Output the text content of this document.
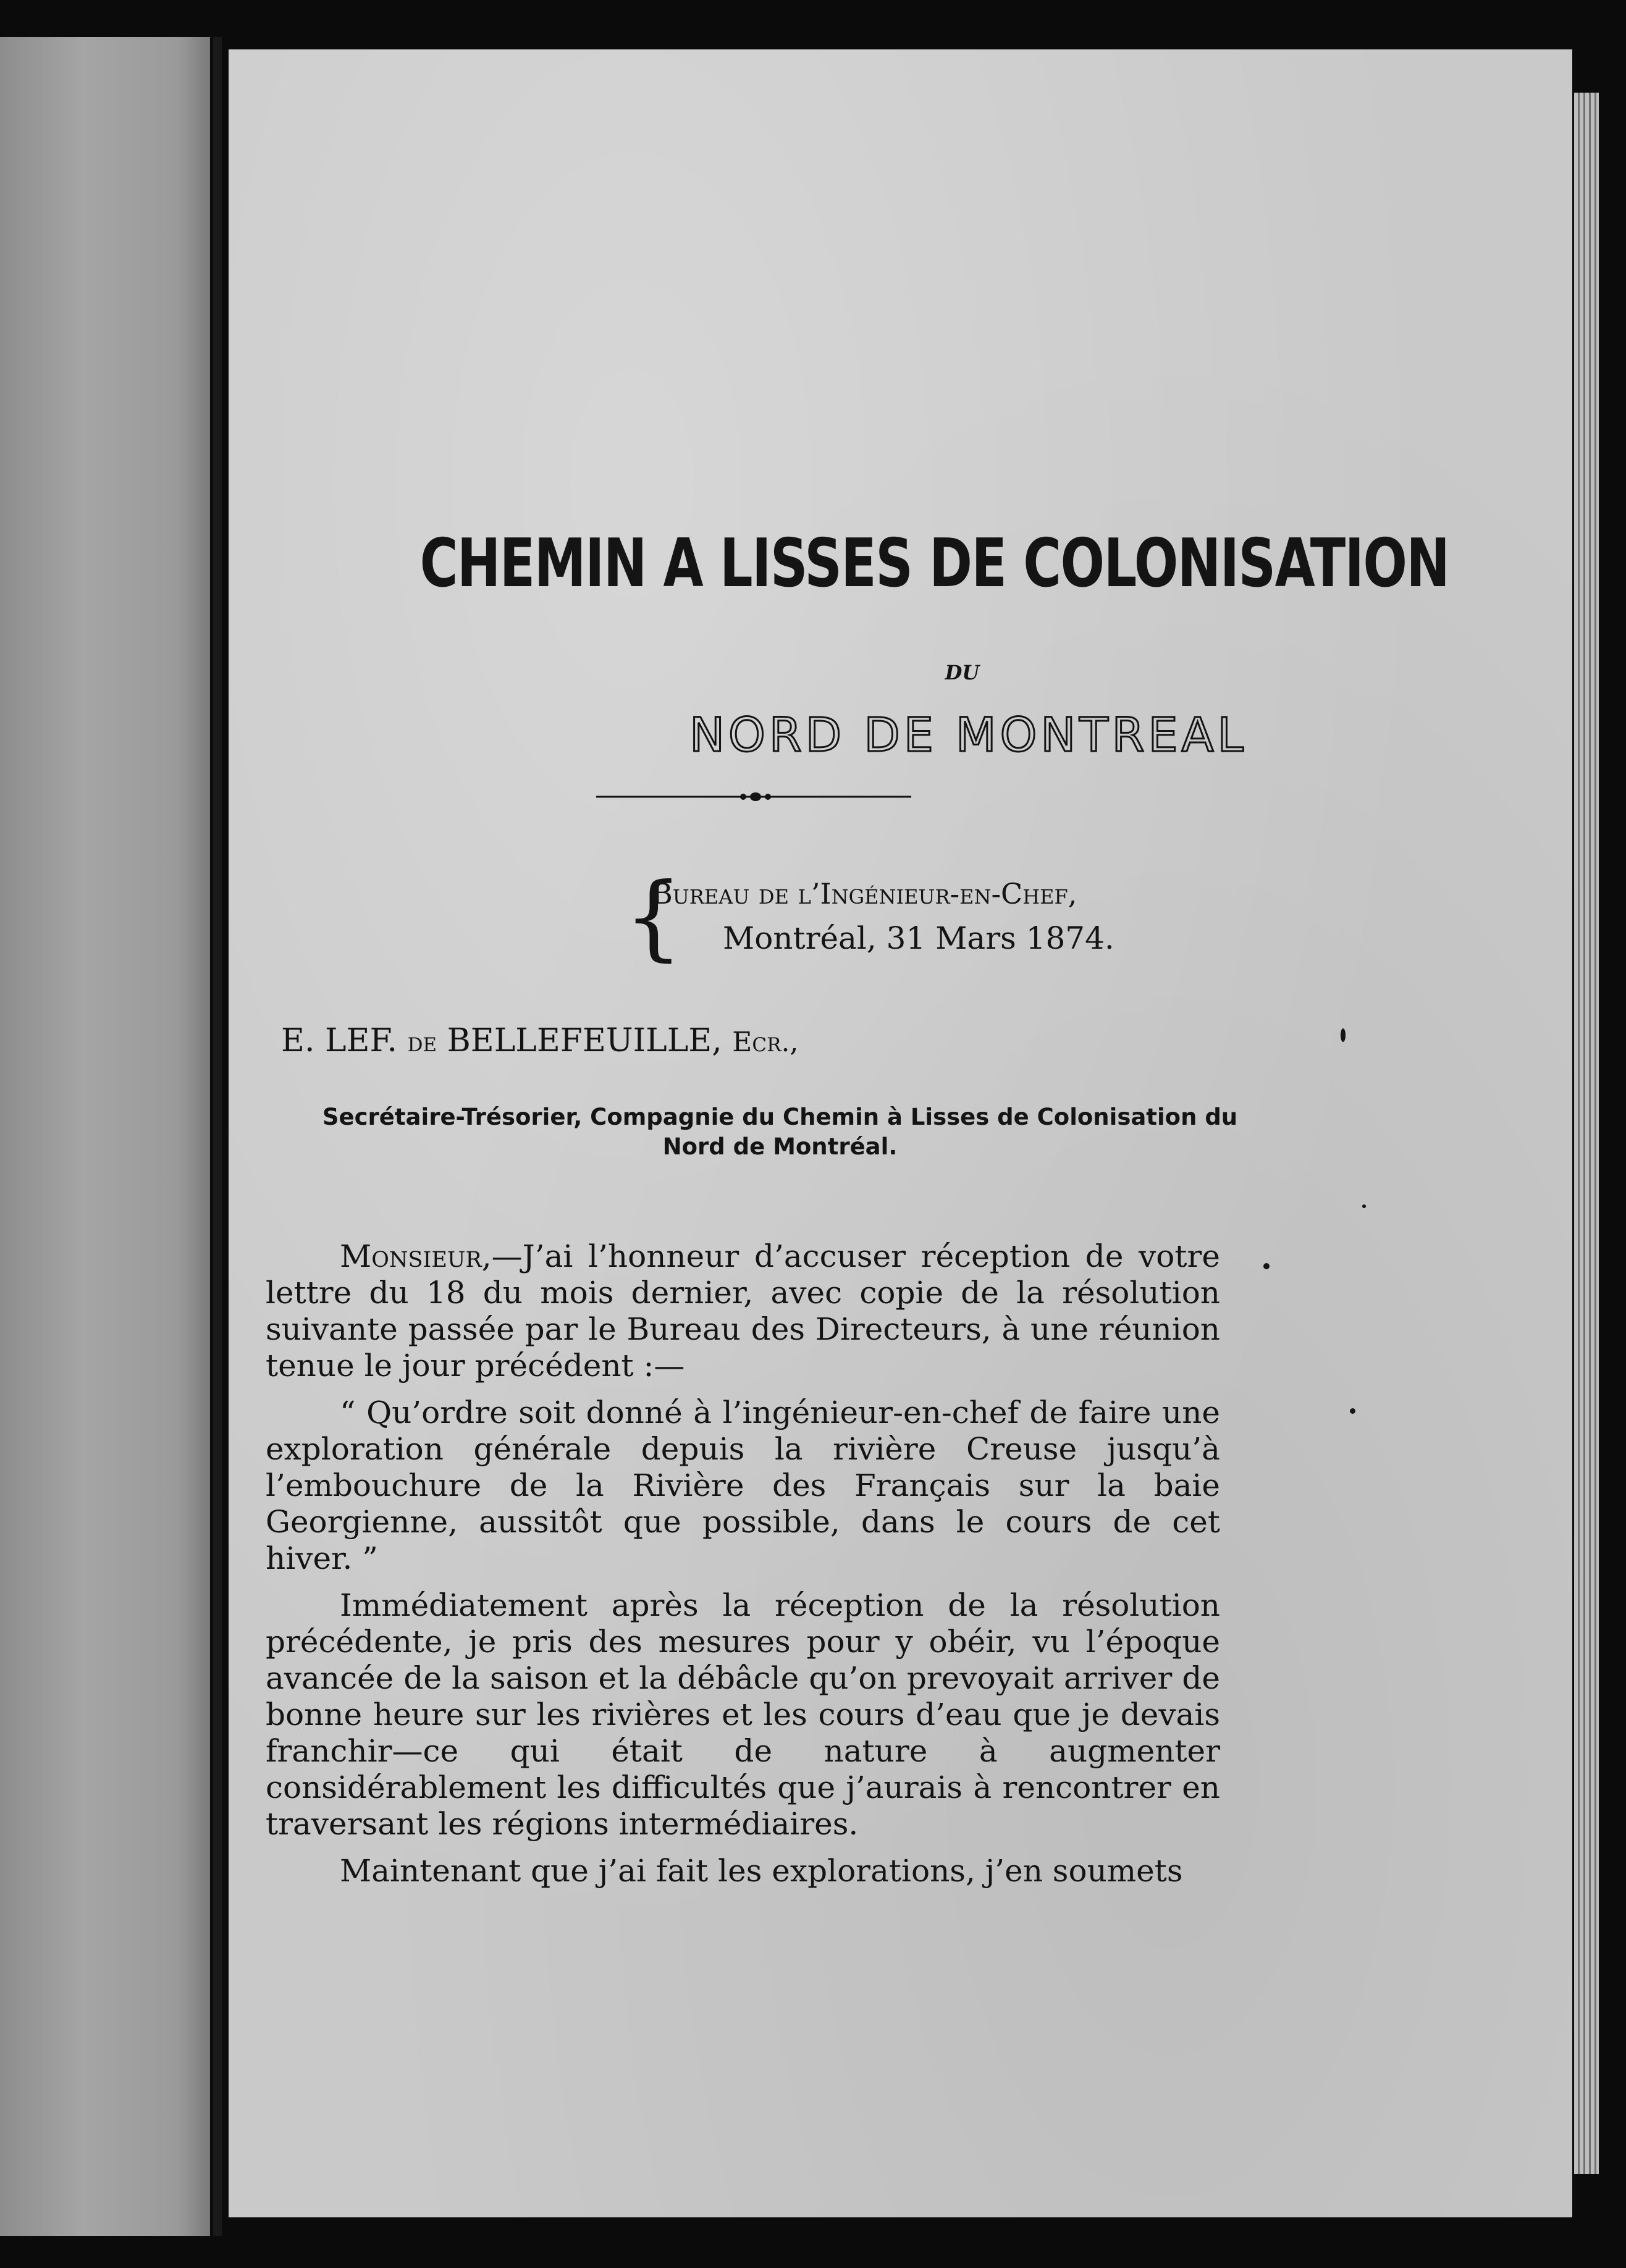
CHEMIN A LISSES DE COLONISATION
DU
NORD DE MONTREAL
{
Bureau de l’Ingénieur-en-Chef,
Montréal, 31 Mars 1874.
E. LEF. de BELLEFEUILLE, Ecr.,
Secrétaire-Trésorier, Compagnie du Chemin à Lisses de Colonisation du Nord de Montréal.

Monsieur,—J’ai l’honneur d’accuser réception de votre lettre du 18 du mois dernier, avec copie de la résolution suivante passée par le Bureau des Directeurs, à une réunion tenue le jour précédent :—

“ Qu’ordre soit donné à l’ingénieur-en-chef de faire une exploration générale depuis la rivière Creuse jusqu’à l’embouchure de la Rivière des Français sur la baie Georgienne, aussitôt que possible, dans le cours de cet hiver. ”

Immédiatement après la réception de la résolution précédente, je pris des mesures pour y obéir, vu l’époque avancée de la saison et la débâcle qu’on prevoyait arriver de bonne heure sur les rivières et les cours d’eau que je devais franchir—ce qui était de nature à augmenter considérablement les difficultés que j’aurais à rencontrer en traversant les régions intermédiaires.

Maintenant que j’ai fait les explorations, j’en soumets
